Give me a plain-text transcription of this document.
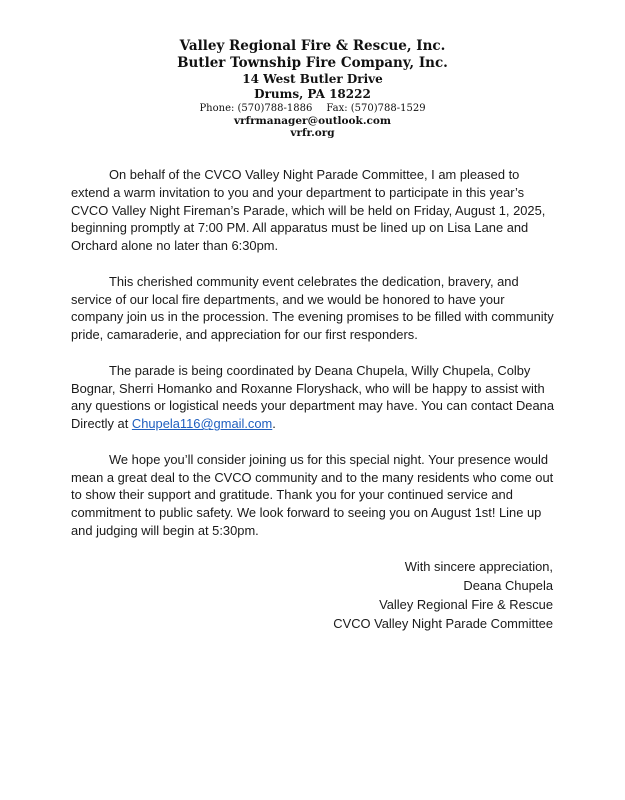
Valley Regional Fire & Rescue, Inc.
Butler Township Fire Company, Inc.
14 West Butler Drive
Drums, PA 18222
Phone: (570)788-1886 Fax: (570)788-1529
vrfrmanager@outlook.com
vrfr.org

On behalf of the CVCO Valley Night Parade Committee, I am pleased to extend a warm invitation to you and your department to participate in this year’s CVCO Valley Night Fireman’s Parade, which will be held on Friday, August 1, 2025, beginning promptly at 7:00 PM. All apparatus must be lined up on Lisa Lane and Orchard alone no later than 6:30pm.

This cherished community event celebrates the dedication, bravery, and service of our local fire departments, and we would be honored to have your company join us in the procession. The evening promises to be filled with community pride, camaraderie, and appreciation for our first responders.

The parade is being coordinated by Deana Chupela, Willy Chupela, Colby Bognar, Sherri Homanko and Roxanne Floryshack, who will be happy to assist with any questions or logistical needs your department may have. You can contact Deana Directly at Chupela116@gmail.com.

We hope you’ll consider joining us for this special night. Your presence would mean a great deal to the CVCO community and to the many residents who come out to show their support and gratitude. Thank you for your continued service and commitment to public safety. We look forward to seeing you on August 1st! Line up and judging will begin at 5:30pm.

With sincere appreciation,
Deana Chupela
Valley Regional Fire & Rescue
CVCO Valley Night Parade Committee
